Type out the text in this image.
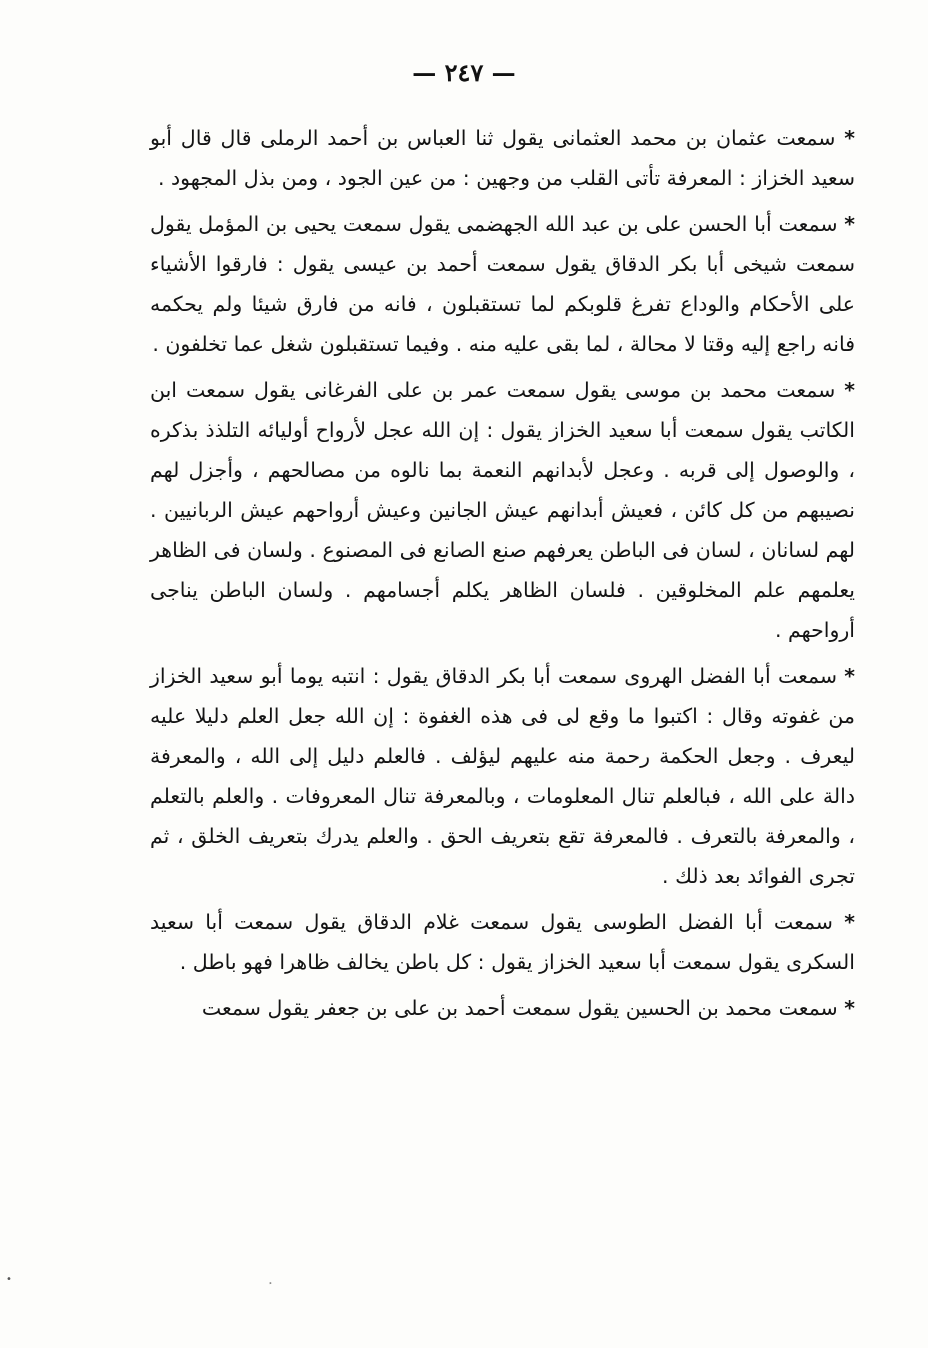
— ٢٤٧ —

* سمعت عثمان بن محمد العثمانى يقول ثنا العباس بن أحمد الرملى قال قال أبو سعيد الخزاز : المعرفة تأتى القلب من وجهين : من عين الجود ، ومن بذل المجهود .

* سمعت أبا الحسن على بن عبد الله الجهضمى يقول سمعت يحيى بن المؤمل يقول سمعت شيخى أبا بكر الدقاق يقول سمعت أحمد بن عيسى يقول : فارقوا الأشياء على الأحكام والوداع تفرغ قلوبكم لما تستقبلون ، فانه من فارق شيئا ولم يحكمه فانه راجع إليه وقتا لا محالة ، لما بقى عليه منه . وفيما تستقبلون شغل عما تخلفون .

* سمعت محمد بن موسى يقول سمعت عمر بن على الفرغانى يقول سمعت ابن الكاتب يقول سمعت أبا سعيد الخزاز يقول : إن الله عجل لأرواح أوليائه التلذذ بذكره ، والوصول إلى قربه . وعجل لأبدانهم النعمة بما نالوه من مصالحهم ، وأجزل لهم نصيبهم من كل كائن ، فعيش أبدانهم عيش الجانين وعيش أرواحهم عيش الربانيين . لهم لسانان ، لسان فى الباطن يعرفهم صنع الصانع فى المصنوع . ولسان فى الظاهر يعلمهم علم المخلوقين . فلسان الظاهر يكلم أجسامهم . ولسان الباطن يناجى أرواحهم .

* سمعت أبا الفضل الهروى سمعت أبا بكر الدقاق يقول : انتبه يوما أبو سعيد الخزاز من غفوته وقال : اكتبوا ما وقع لى فى هذه الغفوة : إن الله جعل العلم دليلا عليه ليعرف . وجعل الحكمة رحمة منه عليهم ليؤلف . فالعلم دليل إلى الله ، والمعرفة دالة على الله ، فبالعلم تنال المعلومات ، وبالمعرفة تنال المعروفات . والعلم بالتعلم ، والمعرفة بالتعرف . فالمعرفة تقع بتعريف الحق . والعلم يدرك بتعريف الخلق ، ثم تجرى الفوائد بعد ذلك .

* سمعت أبا الفضل الطوسى يقول سمعت غلام الدقاق يقول سمعت أبا سعيد السكرى يقول سمعت أبا سعيد الخزاز يقول : كل باطن يخالف ظاهرا فهو باطل .

* سمعت محمد بن الحسين يقول سمعت أحمد بن على بن جعفر يقول سمعت

•
